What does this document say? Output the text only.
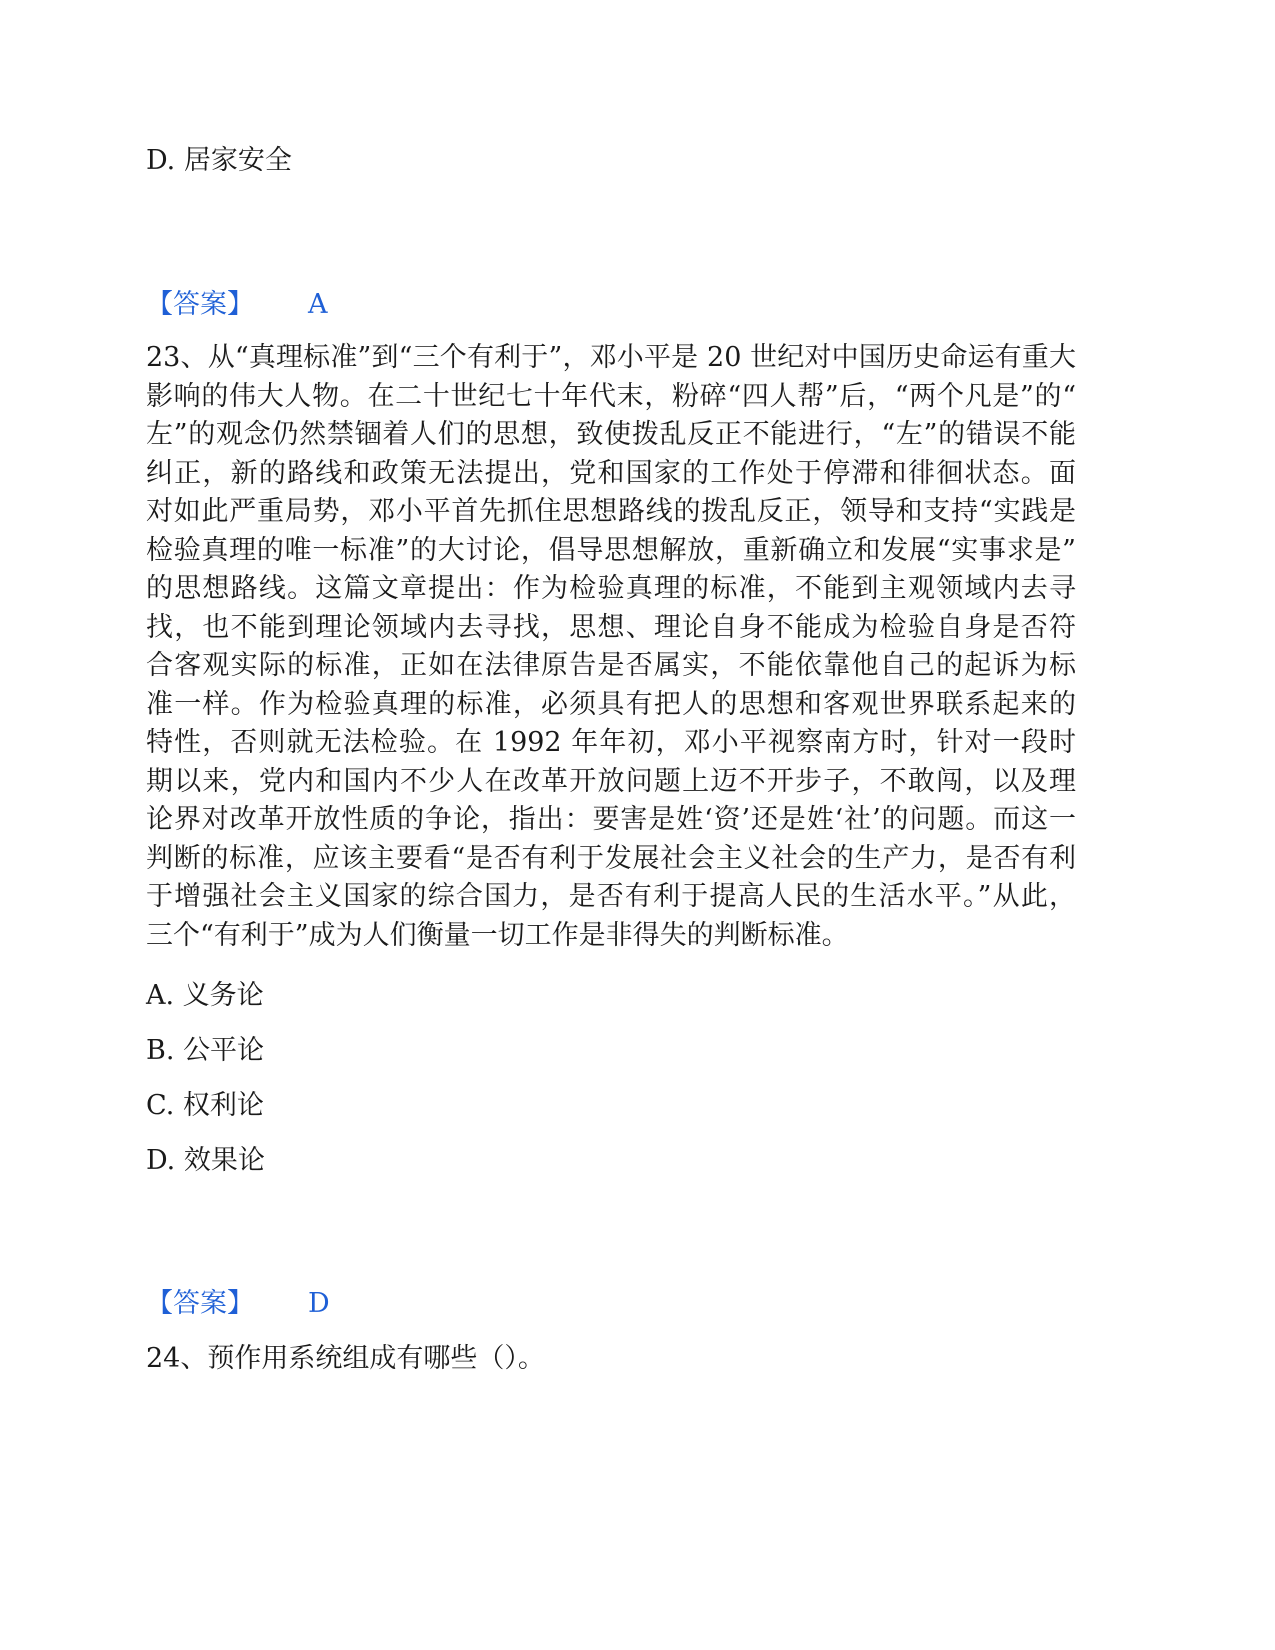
D. 居家安全
【答案】 A
23、从“真理标准”到“三个有利于”，邓小平是 20 世纪对中国历史命运有重大
影响的伟大人物。在二十世纪七十年代末，粉碎“四人帮”后，“两个凡是”的“
左”的观念仍然禁锢着人们的思想，致使拨乱反正不能进行，“左”的错误不能
纠正，新的路线和政策无法提出，党和国家的工作处于停滞和徘徊状态。面
对如此严重局势，邓小平首先抓住思想路线的拨乱反正，领导和支持“实践是
检验真理的唯一标准”的大讨论，倡导思想解放，重新确立和发展“实事求是”
的思想路线。这篇文章提出：作为检验真理的标准，不能到主观领域内去寻
找，也不能到理论领域内去寻找，思想、理论自身不能成为检验自身是否符
合客观实际的标准，正如在法律原告是否属实，不能依靠他自己的起诉为标
准一样。作为检验真理的标准，必须具有把人的思想和客观世界联系起来的
特性，否则就无法检验。在 1992 年年初，邓小平视察南方时，针对一段时
期以来，党内和国内不少人在改革开放问题上迈不开步子，不敢闯，以及理
论界对改革开放性质的争论，指出：要害是姓‘资’还是姓‘社’的问题。而这一
判断的标准，应该主要看“是否有利于发展社会主义社会的生产力，是否有利
于增强社会主义国家的综合国力，是否有利于提高人民的生活水平。”从此，
三个“有利于”成为人们衡量一切工作是非得失的判断标准。
A. 义务论
B. 公平论
C. 权利论
D. 效果论
【答案】 D
24、预作用系统组成有哪些（）。
